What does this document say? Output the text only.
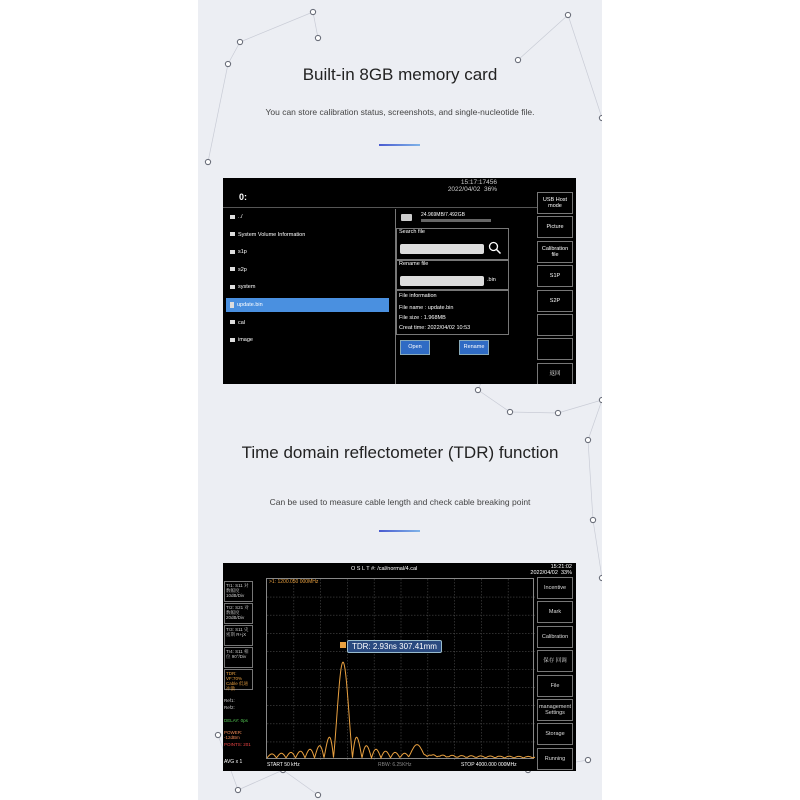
Built-in 8GB memory card
You can store calibration status, screenshots, and single-nucleotide file.
0:
15:17:17456
2022/04/02 36%
../
System Volume Information
s1p
s2p
system
update.bin
cal
image
24.969MB/7.492GB
Search file
Rename file
.bin
File information
File name : update.bin
File size : 1.968MB
Creat time: 2022/04/02 10:53
Open	Rename
USB Host mode
Picture
Calibration file
S1P
S2P
返回
Time domain reflectometer (TDR) function
Can be used to measure cable length and check cable breaking point
O S L T #: /cal/normal/4.cal	15:21:02
2022/04/02 33%
Tr1: S11 对数幅度 10dB/Div
Tr2: S21 对数幅度 20dB/Div
Tr3: S11 史密斯 R+jX
Tr4: S11 相位 90°/Div
TDR: VF:70% Cable 低通冲激
Ref1:
Ref2:
DELAY: 0ps
POWER: -12dBm
POINTS: 201
AVG x 1
>1: 1200.050 000MHz
TDR: 2.93ns 307.41mm
START 50 kHz	RBW: 6.25KHz	STOP 4000.000 000MHz
Incentive
Mark
Calibration
保存 回调
File
management Settings
Storage
Running
